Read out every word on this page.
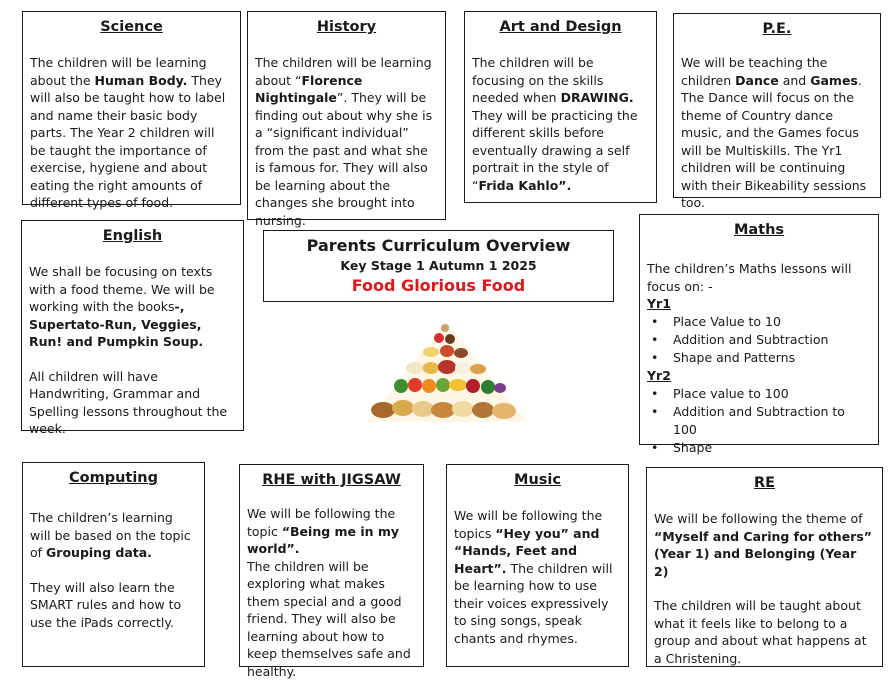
Science

The children will be learning about the Human Body. They will also be taught how to label and name their basic body parts. The Year 2 children will be taught the importance of exercise, hygiene and about eating the right amounts of different types of food.

History

The children will be learning about “Florence Nightingale”. They will be finding out about why she is a “significant individual” from the past and what she is famous for. They will also be learning about the changes she brought into nursing.

Art and Design

The children will be focusing on the skills needed when DRAWING.
They will be practicing the different skills before eventually drawing a self portrait in the style of “Frida Kahlo”.

P.E.

We will be teaching the children Dance and Games. The Dance will focus on the theme of Country dance music, and the Games focus will be Multiskills. The Yr1 children will be continuing with their Bikeability sessions too.

English

We shall be focusing on texts with a food theme. We will be working with the books-, Supertato-Run, Veggies, Run! and Pumpkin Soup.

All children will have Handwriting, Grammar and Spelling lessons throughout the week.

Parents Curriculum Overview
Key Stage 1 Autumn 1 2025
Food Glorious Food
Maths

The children’s Maths lessons will focus on: -

Yr1
• Place Value to 10
• Addition and Subtraction
• Shape and Patterns
Yr2
• Place value to 100
• Addition and Subtraction to 100
• Shape
Computing

The children’s learning will be based on the topic of Grouping data.

They will also learn the SMART rules and how to use the iPads correctly.

RHE with JIGSAW

We will be following the topic “Being me in my world”.
The children will be exploring what makes them special and a good friend. They will also be learning about how to keep themselves safe and healthy.

Music

We will be following the topics “Hey you” and “Hands, Feet and Heart”. The children will be learning how to use their voices expressively to sing songs, speak chants and rhymes.

RE

We will be following the theme of “Myself and Caring for others” (Year 1) and Belonging (Year 2)

The children will be taught about what it feels like to belong to a group and about what happens at a Christening.
